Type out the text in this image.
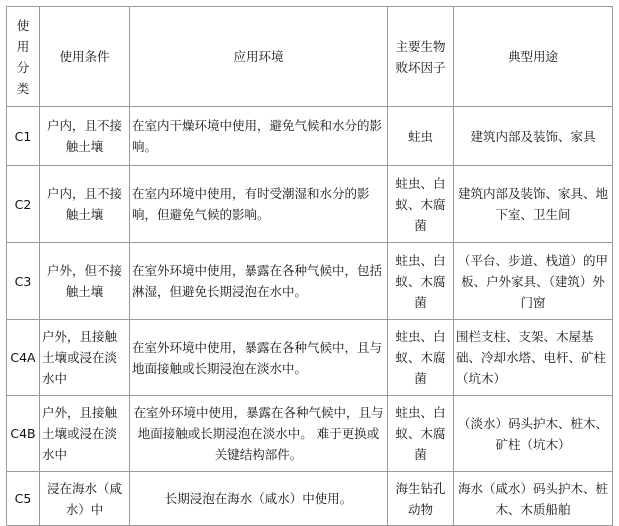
使用分类	使用条件	应用环境	主要生物败坏因子	典型用途
C1	户内，且不接触土壤	在室内干燥环境中使用，避免气候和水分的影响。	蛀虫	建筑内部及装饰、家具
C2	户内，且不接触土壤	在室内环境中使用，有时受潮湿和水分的影响，但避免气候的影响。	蛀虫、白蚁、木腐菌	建筑内部及装饰、家具、地下室、卫生间
C3	户外，但不接触土壤	在室外环境中使用，暴露在各种气候中，包括淋湿，但避免长期浸泡在水中。	蛀虫、白蚁、木腐菌	（平台、步道、栈道）的甲板、户外家具、（建筑）外门窗
C4A	户外，且接触土壤或浸在淡水中	在室外环境中使用，暴露在各种气候中，且与地面接触或长期浸泡在淡水中。	蛀虫、白蚁、木腐菌	围栏支柱、支架、木屋基础、冷却水塔、电杆、矿柱（坑木）
C4B	户外，且接触土壤或浸在淡水中	在室外环境中使用，暴露在各种气候中，且与地面接触或长期浸泡在淡水中。 难于更换或关键结构部件。	蛀虫、白蚁、木腐菌	（淡水）码头护木、桩木、矿柱（坑木）
C5	浸在海水（咸水）中	长期浸泡在海水（咸水）中使用。	海生钻孔动物	海水（咸水）码头护木、桩木、木质船舶
